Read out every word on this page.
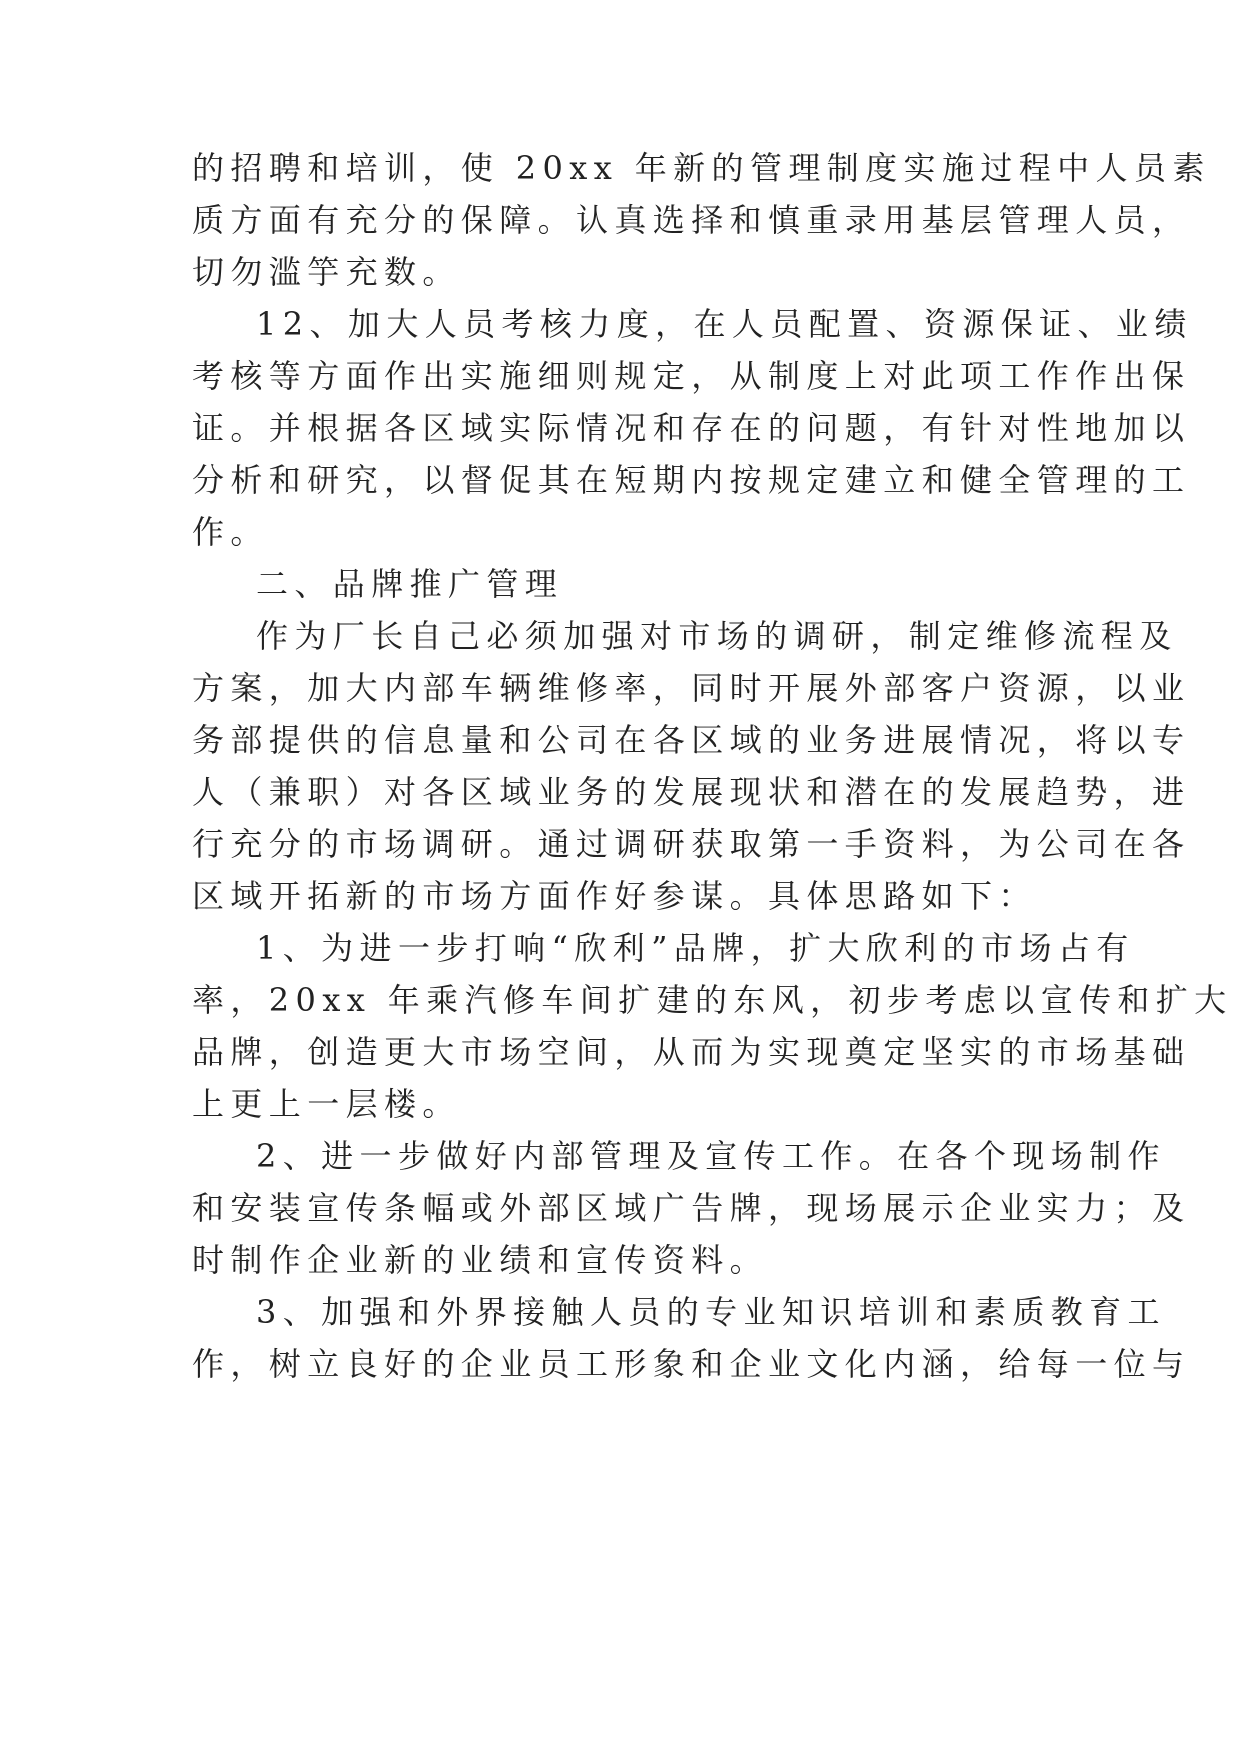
的招聘和培训，使 20xx 年新的管理制度实施过程中人员素
质方面有充分的保障。认真选择和慎重录用基层管理人员，
切勿滥竽充数。
12、加大人员考核力度，在人员配置、资源保证、业绩
考核等方面作出实施细则规定，从制度上对此项工作作出保
证。并根据各区域实际情况和存在的问题，有针对性地加以
分析和研究，以督促其在短期内按规定建立和健全管理的工
作。
二、品牌推广管理
作为厂长自己必须加强对市场的调研，制定维修流程及
方案，加大内部车辆维修率，同时开展外部客户资源，以业
务部提供的信息量和公司在各区域的业务进展情况，将以专
人（兼职）对各区域业务的发展现状和潜在的发展趋势，进
行充分的市场调研。通过调研获取第一手资料，为公司在各
区域开拓新的市场方面作好参谋。具体思路如下：
1、为进一步打响“欣利”品牌，扩大欣利的市场占有
率，20xx 年乘汽修车间扩建的东风，初步考虑以宣传和扩大
品牌，创造更大市场空间，从而为实现奠定坚实的市场基础
上更上一层楼。
2、进一步做好内部管理及宣传工作。在各个现场制作
和安装宣传条幅或外部区域广告牌，现场展示企业实力；及
时制作企业新的业绩和宣传资料。
3、加强和外界接触人员的专业知识培训和素质教育工
作，树立良好的企业员工形象和企业文化内涵，给每一位与
